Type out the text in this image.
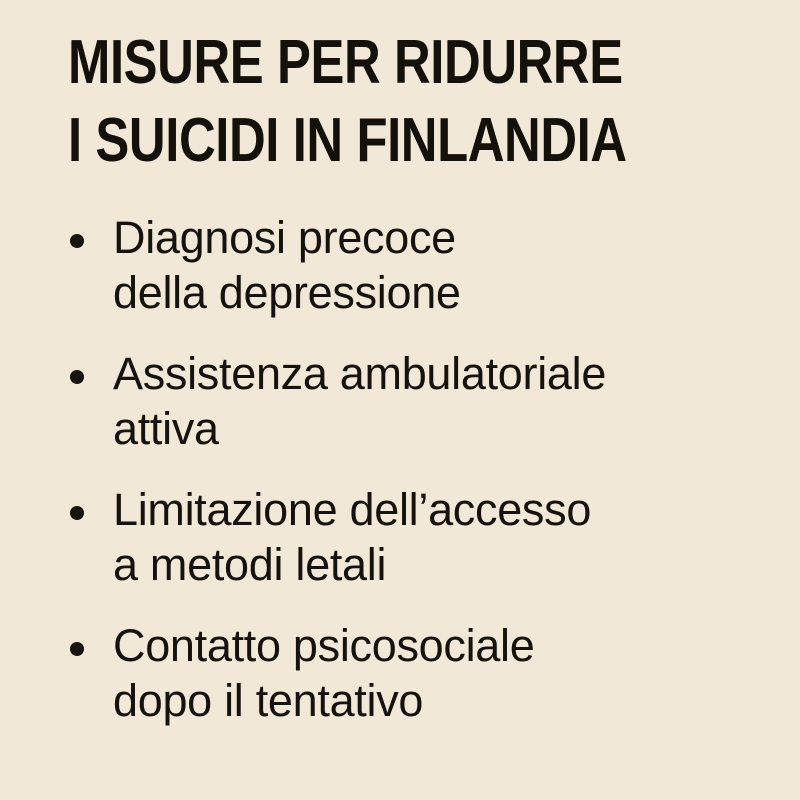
MISURE PER RIDURRE
I SUICIDI IN FINLANDIA
Diagnosi precoce
della depressione
Assistenza ambulatoriale
attiva
Limitazione dell’accesso
a metodi letali
Contatto psicosociale
dopo il tentativo
